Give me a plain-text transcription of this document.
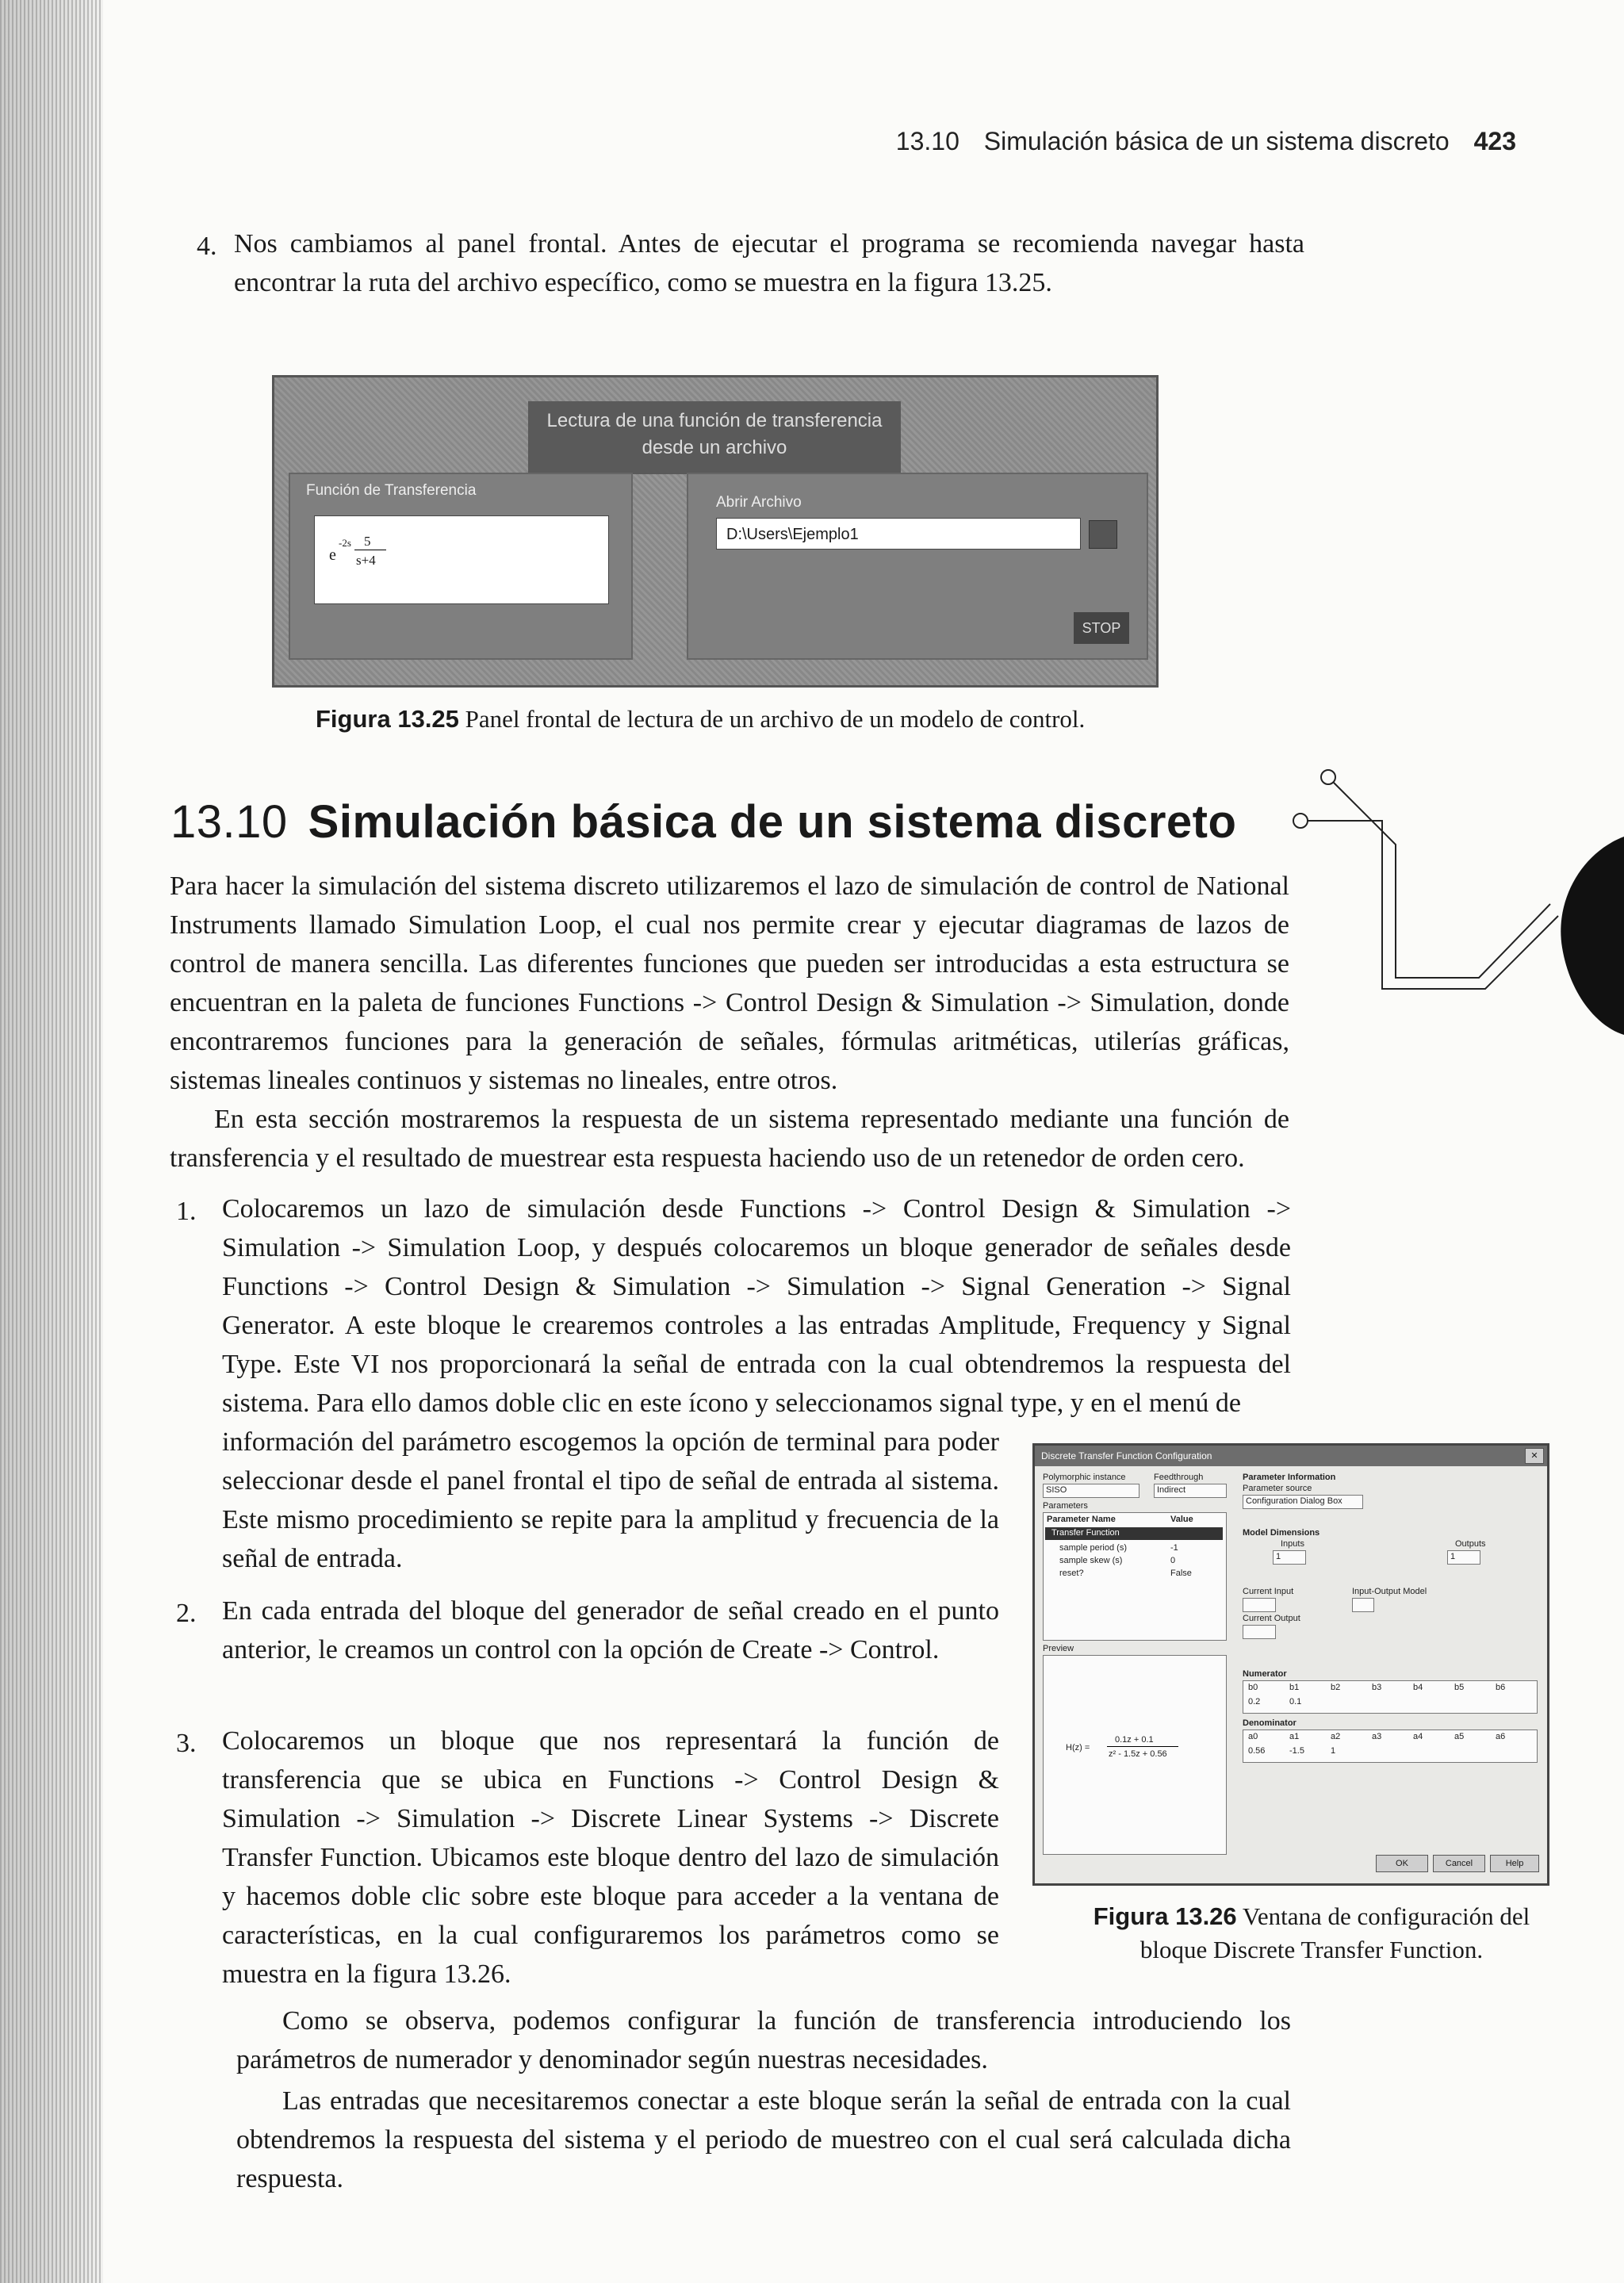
13.10 Simulación básica de un sistema discreto 423
4. Nos cambiamos al panel frontal. Antes de ejecutar el programa se recomienda navegar hasta encontrar la ruta del archivo específico, como se muestra en la figura 13.25.
Lectura de una función de transferencia desde un archivo
Función de Transferencia
e
-2s 5
s+4
Abrir Archivo
D:\Users\Ejemplo1
STOP
Figura 13.25 Panel frontal de lectura de un archivo de un modelo de control.
13.10 Simulación básica de un sistema discreto
Para hacer la simulación del sistema discreto utilizaremos el lazo de simulación de control de National Instruments llamado Simulation Loop, el cual nos permite crear y ejecutar diagramas de lazos de control de manera sencilla. Las diferentes funciones que pueden ser introducidas a esta estructura se encuentran en la paleta de funciones Functions -> Control Design & Simulation -> Simulation, donde encontraremos funciones para la generación de señales, fórmulas aritméticas, utilerías gráficas, sistemas lineales continuos y sistemas no lineales, entre otros.
En esta sección mostraremos la respuesta de un sistema representado mediante una función de transferencia y el resultado de muestrear esta respuesta haciendo uso de un retenedor de orden cero.
1. Colocaremos un lazo de simulación desde Functions -> Control Design & Simulation -> Simulation -> Simulation Loop, y después colocaremos un bloque generador de señales desde Functions -> Control Design & Simulation -> Simulation -> Signal Generation -> Signal Generator. A este bloque le crearemos controles a las entradas Amplitude, Frequency y Signal Type. Este VI nos proporcionará la señal de entrada con la cual obtendremos la respuesta del sistema. Para ello damos doble clic en este ícono y seleccionamos signal type, y en el menú de
información del parámetro escogemos la opción de terminal para poder seleccionar desde el panel frontal el tipo de señal de entrada al sistema. Este mismo procedimiento se repite para la amplitud y frecuencia de la señal de entrada.
2. En cada entrada del bloque del generador de señal creado en el punto anterior, le creamos un control con la opción de Create -> Control.
3. Colocaremos un bloque que nos representará la función de transferencia que se ubica en Functions -> Control Design & Simulation -> Simulation -> Discrete Linear Systems -> Discrete Transfer Function. Ubicamos este bloque dentro del lazo de simulación y hacemos doble clic sobre este bloque para acceder a la ventana de características, en la cual configuraremos los parámetros como se muestra en la figura 13.26.
Discrete Transfer Function Configuration	✕
Polymorphic instance
SISO
Feedthrough
Indirect
Parameters
Parameter Name	Value
Transfer Function
sample period (s)	-1
sample skew (s)	0
reset?	False
Preview
H(z) =
0.1z + 0.1
z² - 1.5z + 0.56
Parameter Information
Parameter source
Configuration Dialog Box
Model Dimensions
Inputs	Outputs
1	1
Current Input
Current Output
Input-Output Model
Numerator
b0	b1	b2	b3	b4	b5	b6
0.2	0.1
Denominator
a0	a1	a2	a3	a4	a5	a6
0.56	-1.5	1
OK	Cancel	Help
Figura 13.26 Ventana de configuración del bloque Discrete Transfer Function.
Como se observa, podemos configurar la función de transferencia introduciendo los parámetros de numerador y denominador según nuestras necesidades.
Las entradas que necesitaremos conectar a este bloque serán la señal de entrada con la cual obtendremos la respuesta del sistema y el periodo de muestreo con el cual será calculada dicha respuesta.
